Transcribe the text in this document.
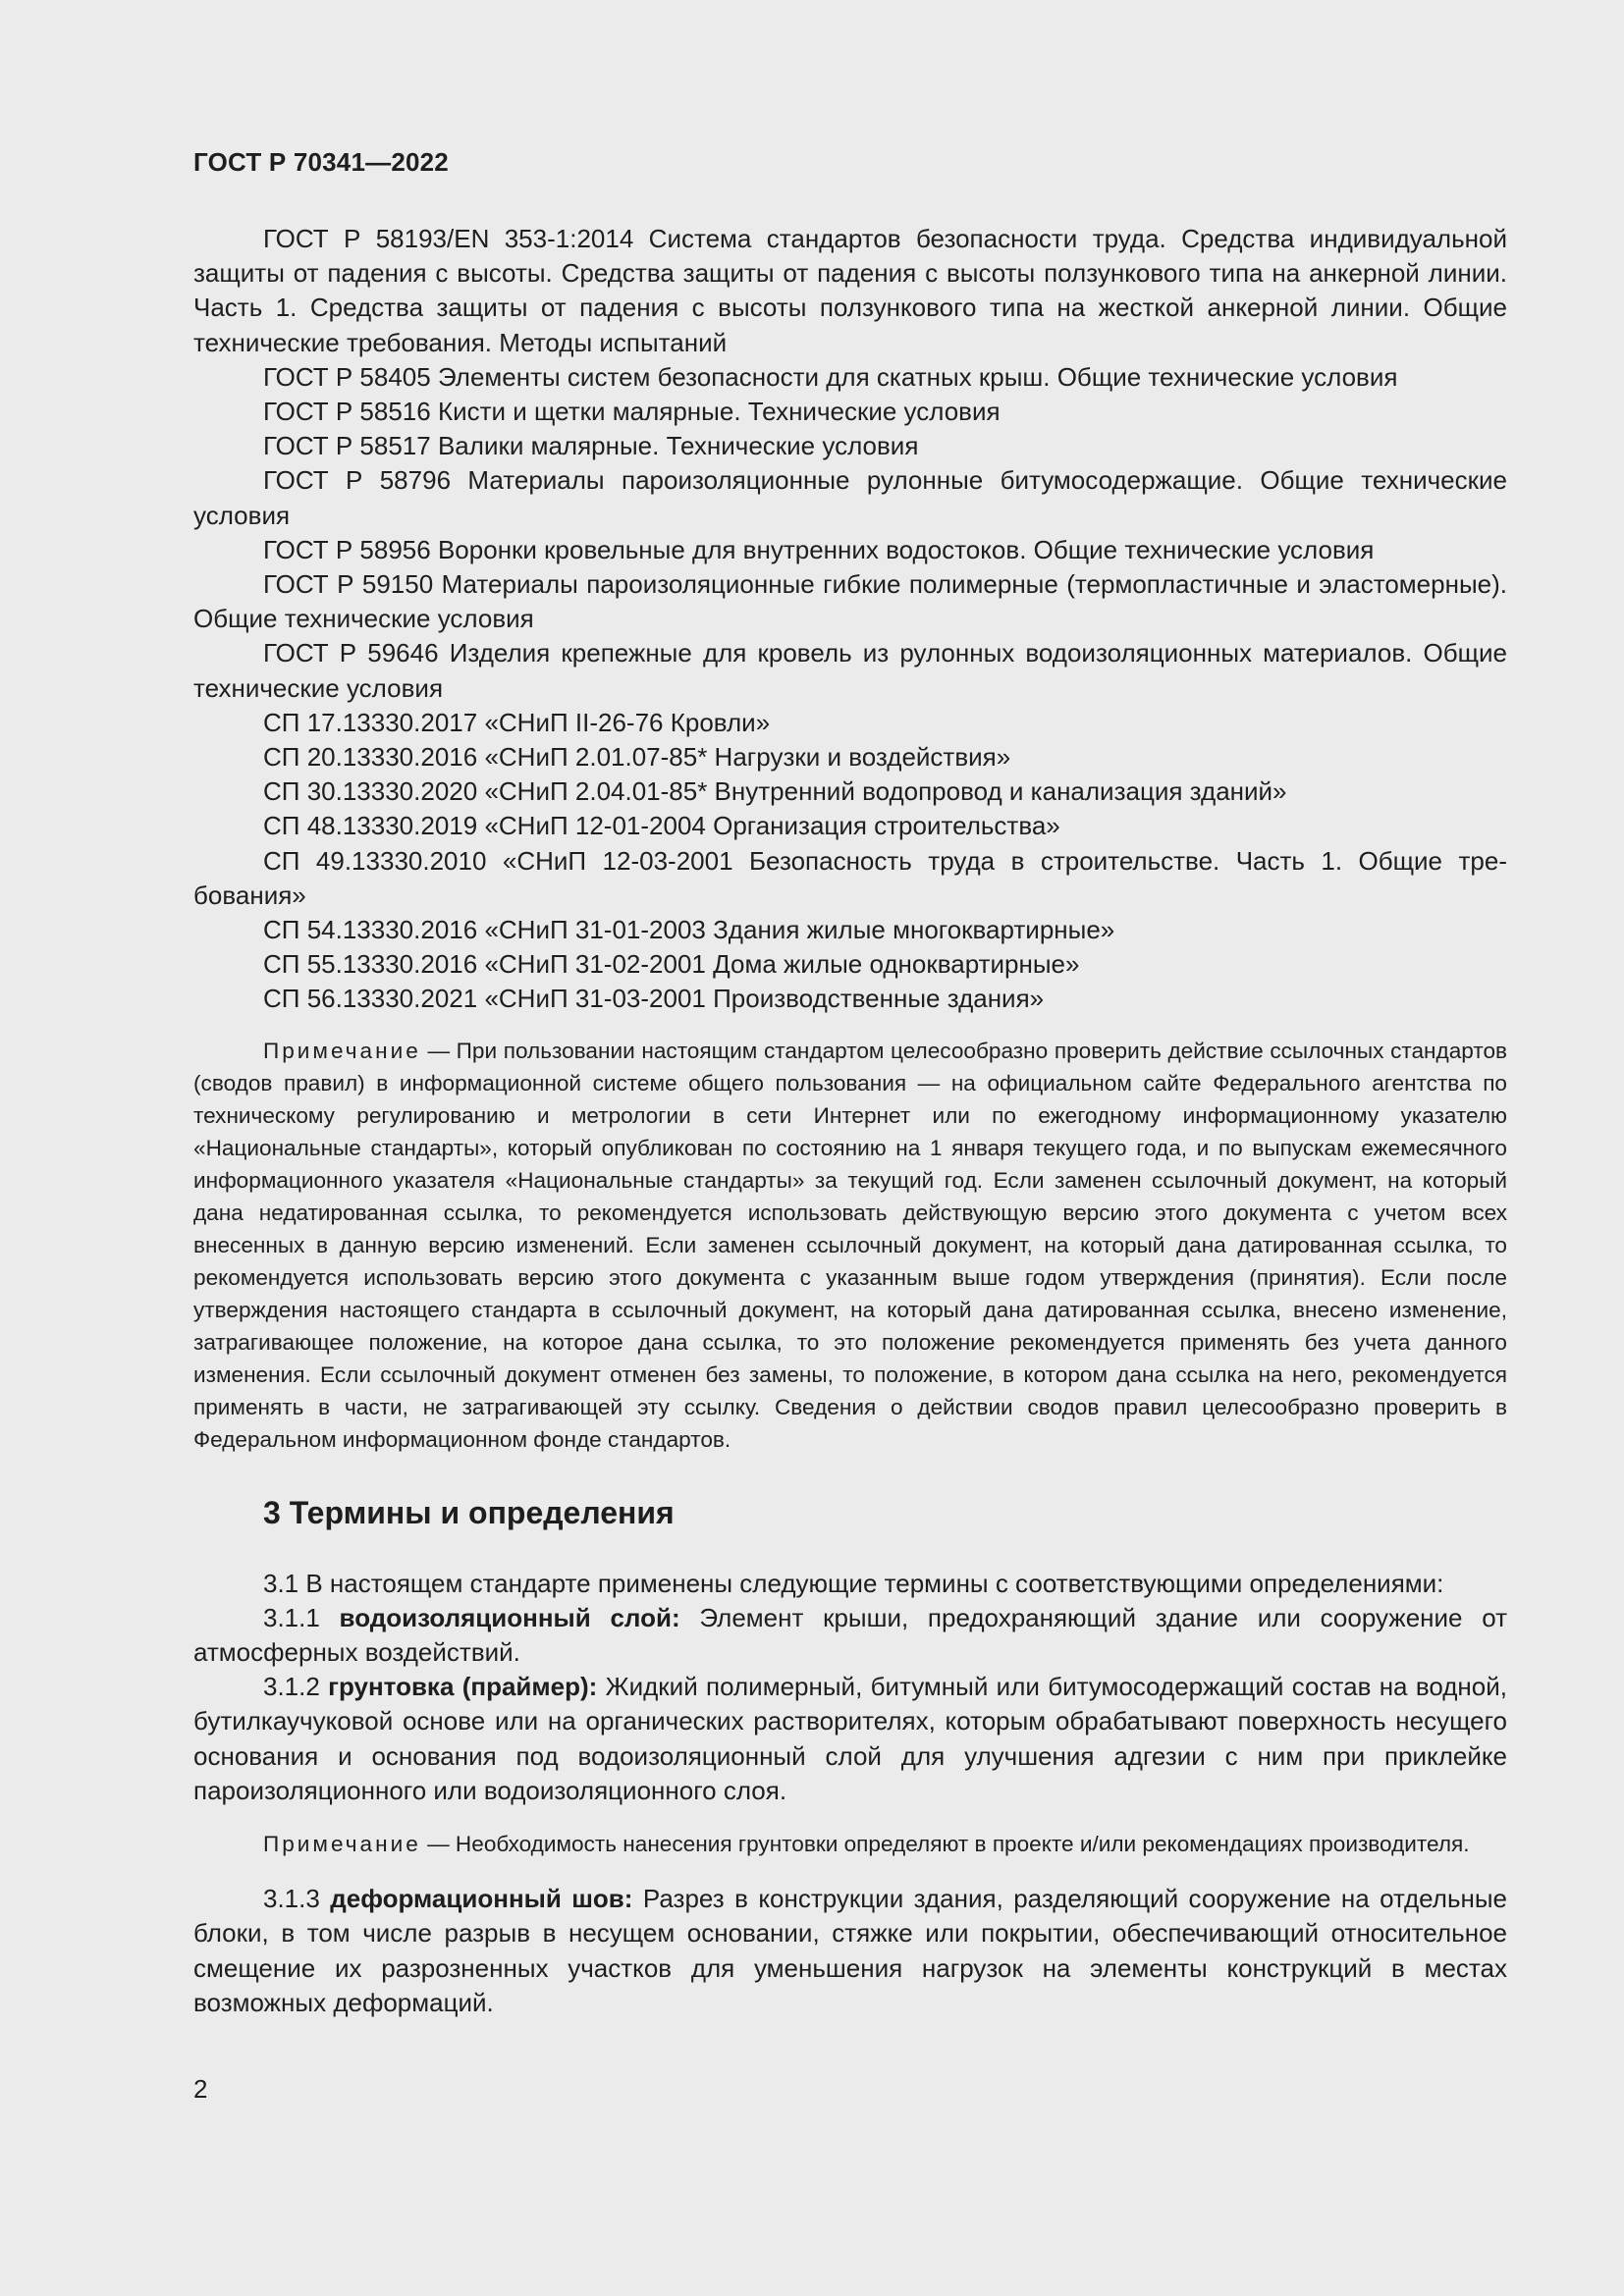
ГОСТ Р 70341—2022

ГОСТ Р 58193/EN 353-1:2014 Система стандартов безопасности труда. Средства индивидуальной защиты от падения с высоты. Средства защиты от падения с высоты ползункового типа на анкерной линии. Часть 1. Средства защиты от падения с высоты ползункового типа на жесткой анкерной линии. Общие технические требования. Методы испытаний

ГОСТ Р 58405 Элементы систем безопасности для скатных крыш. Общие технические условия

ГОСТ Р 58516 Кисти и щетки малярные. Технические условия

ГОСТ Р 58517 Валики малярные. Технические условия

ГОСТ Р 58796 Материалы пароизоляционные рулонные битумосодержащие. Общие технические условия

ГОСТ Р 58956 Воронки кровельные для внутренних водостоков. Общие технические условия

ГОСТ Р 59150 Материалы пароизоляционные гибкие полимерные (термопластичные и эластомерные). Общие технические условия

ГОСТ Р 59646 Изделия крепежные для кровель из рулонных водоизоляционных материалов. Общие технические условия

СП 17.13330.2017 «СНиП II-26-76 Кровли»

СП 20.13330.2016 «СНиП 2.01.07-85* Нагрузки и воздействия»

СП 30.13330.2020 «СНиП 2.04.01-85* Внутренний водопровод и канализация зданий»

СП 48.13330.2019 «СНиП 12-01-2004 Организация строительства»

СП 49.13330.2010 «СНиП 12-03-2001 Безопасность труда в строительстве. Часть 1. Общие требования»

СП 54.13330.2016 «СНиП 31-01-2003 Здания жилые многоквартирные»

СП 55.13330.2016 «СНиП 31-02-2001 Дома жилые одноквартирные»

СП 56.13330.2021 «СНиП 31-03-2001 Производственные здания»

Примечание — При пользовании настоящим стандартом целесообразно проверить действие ссылочных стандартов (сводов правил) в информационной системе общего пользования — на официальном сайте Федерального агентства по техническому регулированию и метрологии в сети Интернет или по ежегодному информационному указателю «Национальные стандарты», который опубликован по состоянию на 1 января текущего года, и по выпускам ежемесячного информационного указателя «Национальные стандарты» за текущий год. Если заменен ссылочный документ, на который дана недатированная ссылка, то рекомендуется использовать действующую версию этого документа с учетом всех внесенных в данную версию изменений. Если заменен ссылочный документ, на который дана датированная ссылка, то рекомендуется использовать версию этого документа с указанным выше годом утверждения (принятия). Если после утверждения настоящего стандарта в ссылочный документ, на который дана датированная ссылка, внесено изменение, затрагивающее положение, на которое дана ссылка, то это положение рекомендуется применять без учета данного изменения. Если ссылочный документ отменен без замены, то положение, в котором дана ссылка на него, рекомендуется применять в части, не затрагивающей эту ссылку. Сведения о действии сводов правил целесообразно проверить в Федеральном информационном фонде стандартов.

3 Термины и определения

3.1 В настоящем стандарте применены следующие термины с соответствующими определениями:

3.1.1 водоизоляционный слой: Элемент крыши, предохраняющий здание или сооружение от атмосферных воздействий.

3.1.2 грунтовка (праймер): Жидкий полимерный, битумный или битумосодержащий состав на водной, бутилкаучуковой основе или на органических растворителях, которым обрабатывают поверхность несущего основания и основания под водоизоляционный слой для улучшения адгезии с ним при приклейке пароизоляционного или водоизоляционного слоя.

Примечание — Необходимость нанесения грунтовки определяют в проекте и/или рекомендациях производителя.

3.1.3 деформационный шов: Разрез в конструкции здания, разделяющий сооружение на отдельные блоки, в том числе разрыв в несущем основании, стяжке или покрытии, обеспечивающий относительное смещение их разрозненных участков для уменьшения нагрузок на элементы конструкций в местах возможных деформаций.

2
